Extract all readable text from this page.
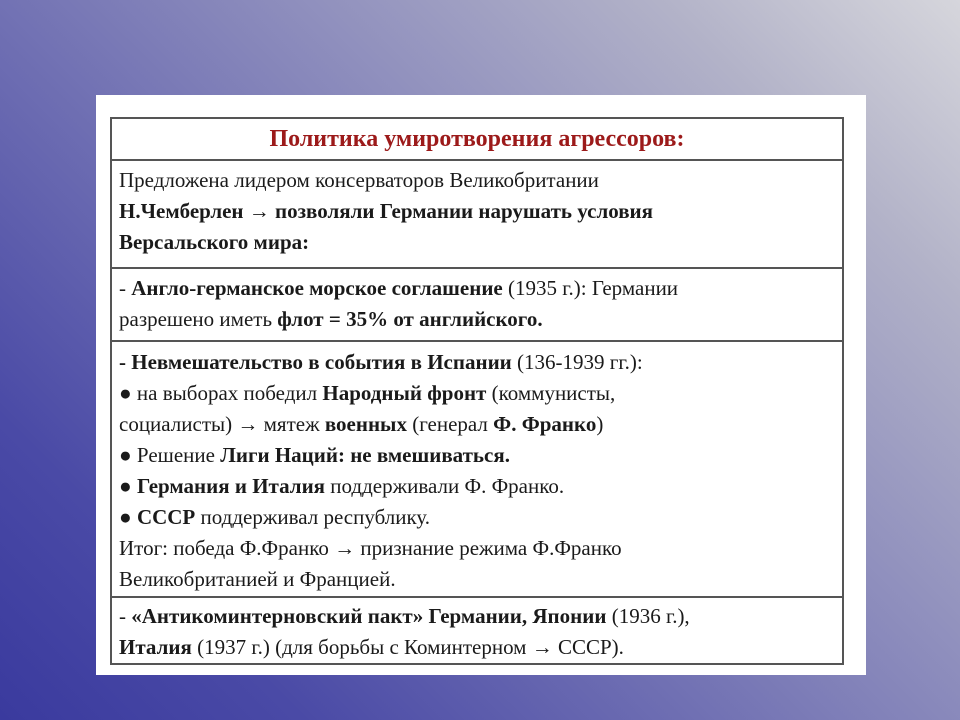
Политика умиротворения агрессоров:

Предложена лидером консерваторов Великобритании
Н.Чемберлен → позволяли Германии нарушать условия
Версальского мира:

- Англо-германское морское соглашение (1935 г.): Германии
разрешено иметь флот = 35% от английского.

- Невмешательство в события в Испании (136-1939 гг.):
● на выборах победил Народный фронт (коммунисты,
социалисты) → мятеж военных (генерал Ф. Франко)
● Решение Лиги Наций: не вмешиваться.
● Германия и Италия поддерживали Ф. Франко.
● СССР поддерживал республику.
Итог: победа Ф.Франко → признание режима Ф.Франко
Великобританией и Францией.

- «Антикоминтерновский пакт» Германии, Японии (1936 г.),
Италия (1937 г.) (для борьбы с Коминтерном → СССР).
